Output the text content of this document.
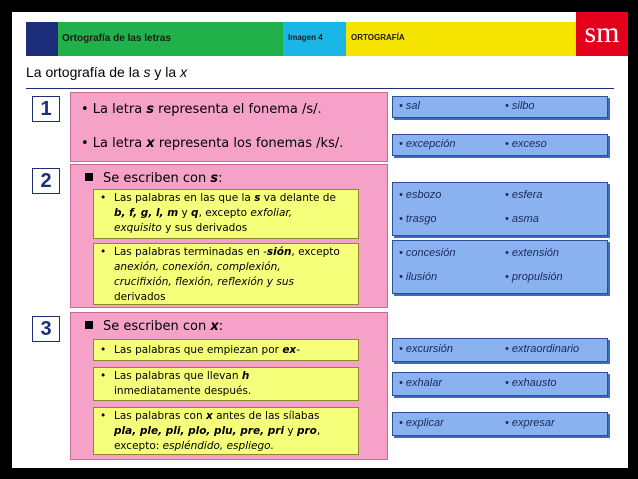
Ortografía de las letras	Imagen 4	ORTOGRAFÍA	sm
La ortografía de la s y la x
1	• La letra s representa el fonema /s/.
• La letra x representa los fonemas /ks/.
• sal	• silbo
• excepción	• exceso
2	Se escriben con s:
• Las palabras en las que la s va delante de
b, f, g, l, m y q, excepto exfoliar,
exquisito y sus derivados
• Las palabras terminadas en -sión, excepto
anexión, conexión, complexión,
crucifixión, flexión, reflexión y sus
derivados
• esbozo	• esfera
• trasgo	• asma
• concesión	• extensión
• ilusión	• propulsión
3	Se escriben con x:
• Las palabras que empiezan por ex-
• Las palabras que llevan h
inmediatamente después.
• Las palabras con x antes de las sílabas
pla, ple, pli, plo, plu, pre, pri y pro,
excepto: espléndido, espliego.
• excursión	• extraordinario
• exhalar	• exhausto
• explicar	• expresar
